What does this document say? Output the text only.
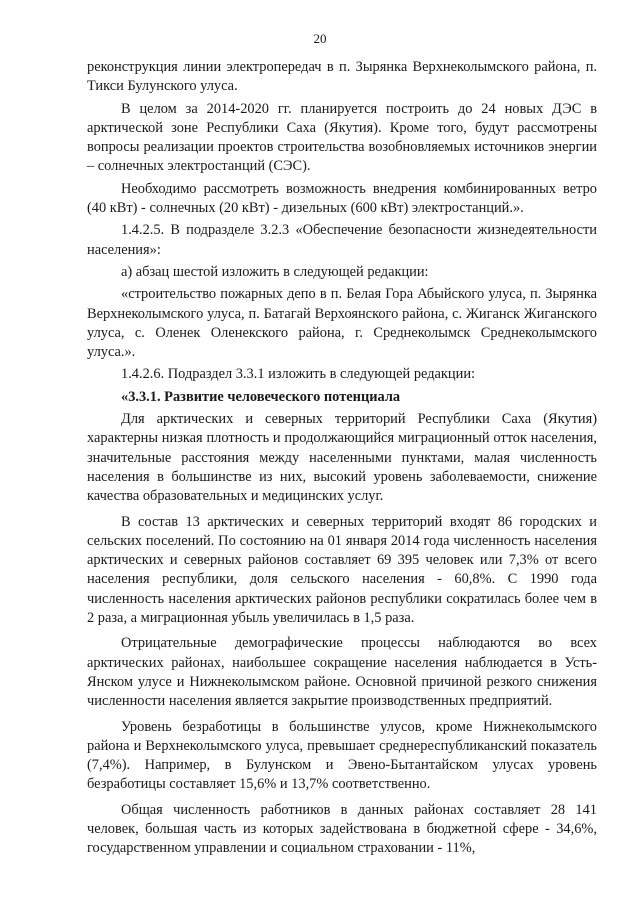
20

реконструкция линии электропередач в п. Зырянка Верхнеколымского района, п. Тикси Булунского улуса.

В целом за 2014-2020 гг. планируется построить до 24 новых ДЭС в арктической зоне Республики Саха (Якутия). Кроме того, будут рассмотрены вопросы реализации проектов строительства возобновляемых источников энергии – солнечных электростанций (СЭС).

Необходимо рассмотреть возможность внедрения комбинированных ветро (40 кВт) - солнечных (20 кВт) - дизельных (600 кВт) электростанций.».

1.4.2.5. В подразделе 3.2.3 «Обеспечение безопасности жизнедеятельности населения»:

а) абзац шестой изложить в следующей редакции:

«строительство пожарных депо в п. Белая Гора Абыйского улуса, п. Зырянка Верхнеколымского улуса, п. Батагай Верхоянского района, с. Жиганск Жиганского улуса, с. Оленек Оленекского района, г. Среднеколымск Среднеколымского улуса.».

1.4.2.6. Подраздел 3.3.1 изложить в следующей редакции:

«3.3.1. Развитие человеческого потенциала

Для арктических и северных территорий Республики Саха (Якутия) характерны низкая плотность и продолжающийся миграционный отток населения, значительные расстояния между населенными пунктами, малая численность населения в большинстве из них, высокий уровень заболеваемости, снижение качества образовательных и медицинских услуг.

В состав 13 арктических и северных территорий входят 86 городских и сельских поселений. По состоянию на 01 января 2014 года численность населения арктических и северных районов составляет 69 395 человек или 7,3% от всего населения республики, доля сельского населения - 60,8%. С 1990 года численность населения арктических районов республики сократилась более чем в 2 раза, а миграционная убыль увеличилась в 1,5 раза.

Отрицательные демографические процессы наблюдаются во всех арктических районах, наибольшее сокращение населения наблюдается в Усть-Янском улусе и Нижнеколымском районе. Основной причиной резкого снижения численности населения является закрытие производственных предприятий.

Уровень безработицы в большинстве улусов, кроме Нижнеколымского района и Верхнеколымского улуса, превышает среднереспубликанский показатель (7,4%). Например, в Булунском и Эвено-Бытантайском улусах уровень безработицы составляет 15,6% и 13,7% соответственно.

Общая численность работников в данных районах составляет 28 141 человек, большая часть из которых задействована в бюджетной сфере - 34,6%, государственном управлении и социальном страховании - 11%,
